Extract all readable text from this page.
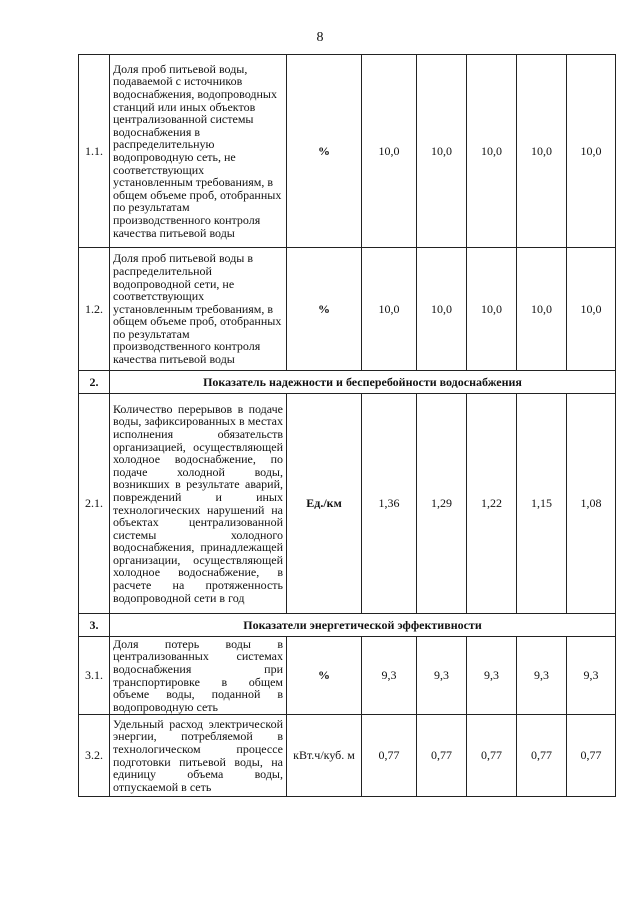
8
1.1.	Доля проб питьевой воды, подаваемой с источников водоснабжения, водопроводных станций или иных объектов централизованной системы водоснабжения в распределительную водопроводную сеть, не соответствующих установленным требованиям, в общем объеме проб, отобранных по результатам производственного контроля качества питьевой воды	%	10,0	10,0	10,0	10,0	10,0
1.2.	Доля проб питьевой воды в распределительной водопроводной сети, не соответствующих установленным требованиям, в общем объеме проб, отобранных по результатам производственного контроля качества питьевой воды	%	10,0	10,0	10,0	10,0	10,0
2.	Показатель надежности и бесперебойности водоснабжения						
2.1.	Количество перерывов в подаче воды, зафиксированных в местах исполнения обязательств организацией, осуществляющей холодное водоснабжение, по подаче холодной воды, возникших в результате аварий, повреждений и иных технологических нарушений на объектах централизованной системы холодного водоснабжения, принадлежащей организации, осуществляющей холодное водоснабжение, в расчете на протяженность водопроводной сети в год	Ед./км	1,36	1,29	1,22	1,15	1,08
3.	Показатели энергетической эффективности						
3.1.	Доля потерь воды в централизованных системах водоснабжения при транспортировке в общем объеме воды, поданной в водопроводную сеть	%	9,3	9,3	9,3	9,3	9,3
3.2.	Удельный расход электрической энергии, потребляемой в технологическом процессе подготовки питьевой воды, на единицу объема воды, отпускаемой в сеть	кВт.ч/куб. м	0,77	0,77	0,77	0,77	0,77
